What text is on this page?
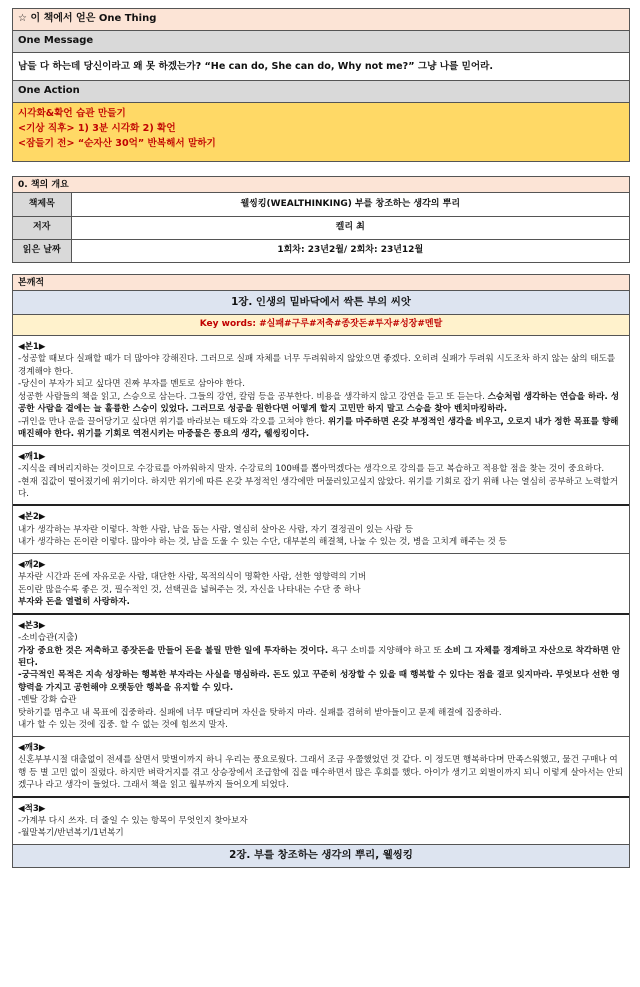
☆ 이 책에서 얻은 One Thing
One Message
남들 다 하는데 당신이라고 왜 못 하겠는가? “He can do, She can do, Why not me?” 그냥 나를 믿어라.
One Action
시각화&확언 습관 만들기
<기상 직후> 1) 3분 시각화 2) 확언
<잠들기 전> “순자산 30억” 반복해서 말하기
0. 책의 개요
책제목	웰씽킹(WEALTHINKING) 부를 창조하는 생각의 뿌리
저자	켈리 최
읽은 날짜	1회차: 23년2월/ 2회차: 23년12월
본깨적
1장. 인생의 밑바닥에서 싹튼 부의 씨앗
Key words: #실패#구루#저축#종잣돈#투자#성장#멘탈
◀본1▶

-성공할 때보다 실패할 때가 더 많아야 강해진다. 그러므로 실패 자체를 너무 두려워하지 않았으면 좋겠다. 오히려 실패가 두려워 시도조차 하지 않는 삶의 태도를 경계해야 한다.

-당신이 부자가 되고 싶다면 진짜 부자를 멘토로 삼아야 한다.

성공한 사람들의 책을 읽고, 스승으로 삼는다. 그들의 강연, 칼럼 등을 공부한다. 비용을 생각하지 않고 강연을 듣고 또 듣는다. 스승처럼 생각하는 연습을 하라. 성공한 사람을 곁에는 늘 훌륭한 스승이 있었다. 그러므로 성공을 원한다면 어떻게 할지 고민만 하지 말고 스승을 찾아 벤치마킹하라.

-귀인을 만나 운을 끌어당기고 싶다면 위기를 바라보는 태도와 각오를 고쳐야 한다. 위기를 마주하면 온갖 부정적인 생각을 비우고, 오로지 내가 정한 목표를 향해 매진해야 한다. 위기를 기회로 역전시키는 마중물은 풍요의 생각, 웰씽킹이다.

◀깨1▶

-지식을 레버리지하는 것이므로 수강료를 아까워하지 말자. 수강료의 100배를 뽑아먹겠다는 생각으로 강의를 듣고 복습하고 적용할 점을 찾는 것이 중요하다.

-현재 집값이 떨어졌기에 위기이다. 하지만 위기에 따른 온갖 부정적인 생각에만 머물러있고싶지 않았다. 위기를 기회로 잡기 위해 나는 열심히 공부하고 노력할거다.

◀본2▶

내가 생각하는 부자란 이렇다. 착한 사람, 남을 돕는 사람, 열심히 살아온 사람, 자기 결정권이 있는 사람 등

내가 생각하는 돈이란 이렇다. 많아야 하는 것, 남을 도울 수 있는 수단, 대부분의 해결책, 나눌 수 있는 것, 병을 고치게 해주는 것 등

◀깨2▶

부자란 시간과 돈에 자유로운 사람, 대단한 사람, 목적의식이 명확한 사람, 선한 영향력의 기버

돈이란 많을수록 좋은 것, 필수적인 것, 선택권을 넓혀주는 것, 자신을 나타내는 수단 중 하나

부자와 돈을 열렬히 사랑하자.

◀본3▶

-소비습관(지출)

가장 중요한 것은 저축하고 종잣돈을 만들어 돈을 불릴 만한 일에 투자하는 것이다. 욕구 소비를 지양해야 하고 또 소비 그 자체를 경계하고 자산으로 착각하면 안된다.

-궁극적인 목적은 지속 성장하는 행복한 부자라는 사실을 명심하라. 돈도 있고 꾸준히 성장할 수 있을 때 행복할 수 있다는 점을 결코 잊지마라. 무엇보다 선한 영향력을 가지고 공헌해야 오랫동안 행복을 유지할 수 있다.

-멘탈 강화 습관

탓하기를 멈추고 내 목표에 집중하라. 실패에 너무 매달리며 자신을 탓하지 마라. 실패를 겸허히 받아들이고 문제 해결에 집중하라.

내가 할 수 있는 것에 집중. 할 수 없는 것에 힘쓰지 말자.

◀깨3▶

신혼부부시절 대출없이 전세를 살면서 맞벌이까지 하니 우리는 풍요로웠다. 그래서 조금 우쭐했었던 것 같다. 이 정도면 행복하다며 만족스워했고, 물건 구매나 여행 등 별 고민 없이 질렀다. 하지만 벼락거지를 겪고 상승장에서 조급함에 집을 매수하면서 많은 후회를 했다. 아이가 생기고 외벌이까지 되니 이렇게 살아서는 안되겠구나 라고 생각이 들었다. 그래서 책을 읽고 월부까지 들어오게 되었다.

◀적3▶

-가계부 다시 쓰자. 더 줄일 수 있는 항목이 무엇인지 찾아보자

-월말복기/반년복기/1년복기

2장. 부를 창조하는 생각의 뿌리, 웰씽킹
